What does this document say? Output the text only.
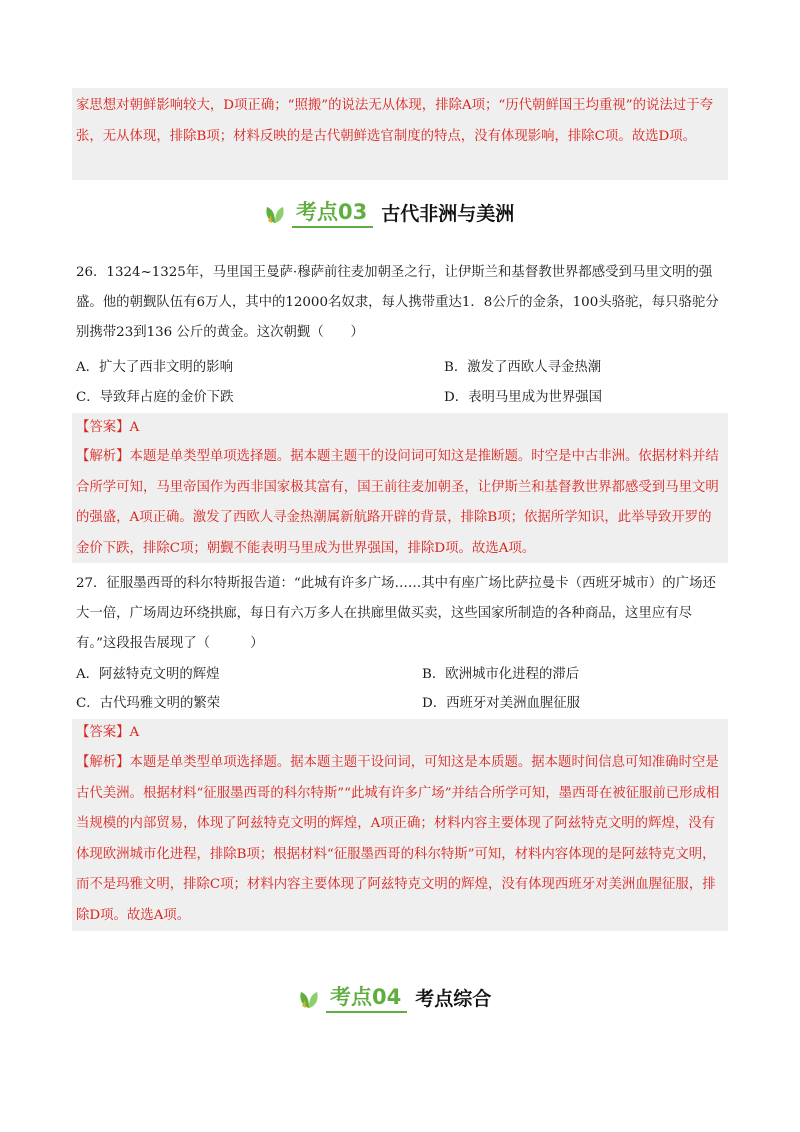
家思想对朝鲜影响较大，D项正确；“照搬”的说法无从体现，排除A项；“历代朝鲜国王均重视”的说法过于夸张，无从体现，排除B项；材料反映的是古代朝鲜选官制度的特点，没有体现影响，排除C项。故选D项。

考点03 古代非洲与美洲

26．1324~1325年，马里国王曼萨·穆萨前往麦加朝圣之行，让伊斯兰和基督教世界都感受到马里文明的强盛。他的朝觐队伍有6万人，其中的12000名奴隶，每人携带重达1．8公斤的金条，100头骆驼，每只骆驼分别携带23到136 公斤的黄金。这次朝觐（　　）

A．扩大了西非文明的影响	B．激发了西欧人寻金热潮
C．导致拜占庭的金价下跌	D．表明马里成为世界强国
【答案】A

【解析】本题是单类型单项选择题。据本题主题干的设问词可知这是推断题。时空是中古非洲。依据材料并结合所学可知，马里帝国作为西非国家极其富有，国王前往麦加朝圣，让伊斯兰和基督教世界都感受到马里文明的强盛，A项正确。激发了西欧人寻金热潮属新航路开辟的背景，排除B项；依据所学知识，此举导致开罗的金价下跌，排除C项；朝觐不能表明马里成为世界强国，排除D项。故选A项。

27．征服墨西哥的科尔特斯报告道：“此城有许多广场……其中有座广场比萨拉曼卡（西班牙城市）的广场还大一倍，广场周边环绕拱廊，每日有六万多人在拱廊里做买卖，这些国家所制造的各种商品，这里应有尽有。”这段报告展现了（　　　）

A．阿兹特克文明的辉煌	B．欧洲城市化进程的滞后
C．古代玛雅文明的繁荣	D．西班牙对美洲血腥征服
【答案】A

【解析】本题是单类型单项选择题。据本题主题干设问词，可知这是本质题。据本题时间信息可知准确时空是古代美洲。根据材料“征服墨西哥的科尔特斯”“此城有许多广场”并结合所学可知，墨西哥在被征服前已形成相当规模的内部贸易，体现了阿兹特克文明的辉煌，A项正确；材料内容主要体现了阿兹特克文明的辉煌，没有体现欧洲城市化进程，排除B项；根据材料“征服墨西哥的科尔特斯”可知，材料内容体现的是阿兹特克文明，而不是玛雅文明，排除C项；材料内容主要体现了阿兹特克文明的辉煌，没有体现西班牙对美洲血腥征服，排除D项。故选A项。

考点04 考点综合
